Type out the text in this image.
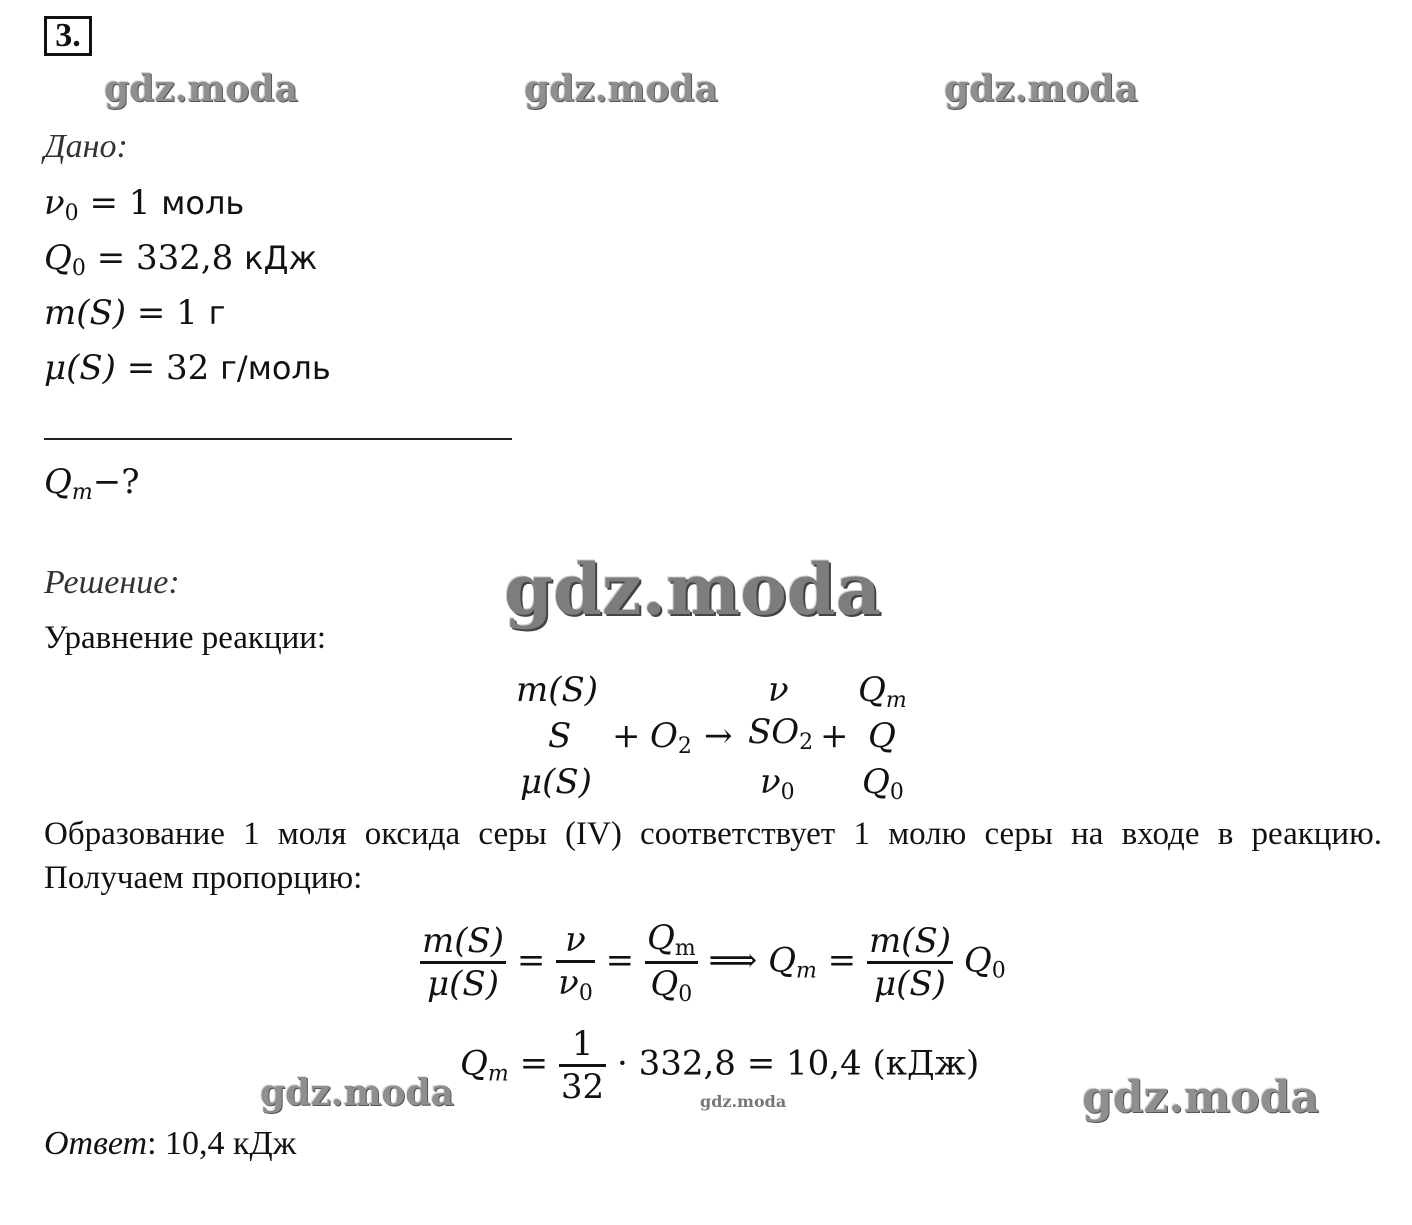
3.
gdz.moda	gdz.moda	gdz.moda
gdz.moda
gdz.moda	gdz.moda	gdz.moda
Дано:
$\nu_0 = 1$ моль
$Q_0 = 332,8$ кДж
m(S) = 1 г
μ(S) = 32 г/моль
$Q_m-$?
Решение:
Уравнение реакции:
m(S)	ν $Q_m$
$S + O_2 \to SO_2 + Q$
μ(S)	$\nu_0$ $Q_0$
Образование 1 моля оксида серы (IV) соответствует 1 молю серы на входе в реакцию. Получаем пропорцию:
$\frac{m(S)}{\mu(S)} = \frac{\nu}{\nu_0} = \frac{Q_m}{Q_0}$ ⟹ $Q_m = \frac{m(S)}{\mu(S)} Q_0$
$Q_m = \frac{1}{32} \cdot 332,8 = 10,4$ (кДж)
Ответ: 10,4 кДж
